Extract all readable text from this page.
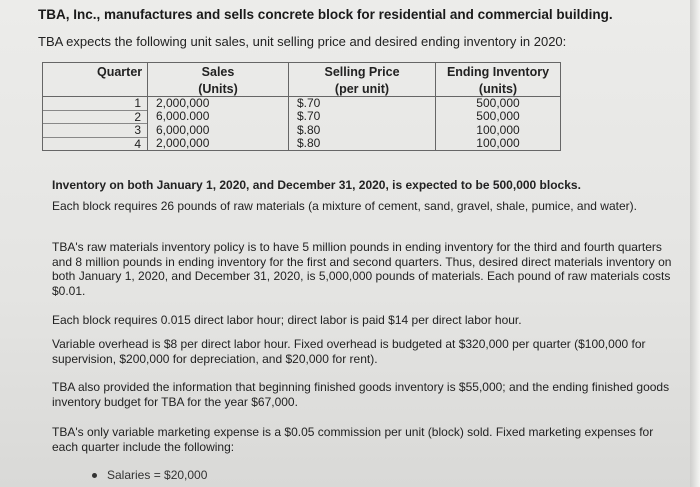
TBA, Inc., manufactures and sells concrete block for residential and commercial building.
TBA expects the following unit sales, unit selling price and desired ending inventory in 2020:
Quarter	Sales	Selling Price	Ending Inventory
	(Units)	(per unit)	(units)
1	2,000,000	$.70	500,000
2	6,000.000	$.70	500,000
3	6,000,000	$.80	100,000
4	2,000,000	$.80	100,000
Inventory on both January 1, 2020, and December 31, 2020, is expected to be 500,000 blocks.
Each block requires 26 pounds of raw materials (a mixture of cement, sand, gravel, shale, pumice, and water).
TBA's raw materials inventory policy is to have 5 million pounds in ending inventory for the third and fourth quarters and 8 million pounds in ending inventory for the first and second quarters. Thus, desired direct materials inventory on both January 1, 2020, and December 31, 2020, is 5,000,000 pounds of materials. Each pound of raw materials costs $0.01.
Each block requires 0.015 direct labor hour; direct labor is paid $14 per direct labor hour.
Variable overhead is $8 per direct labor hour. Fixed overhead is budgeted at $320,000 per quarter ($100,000 for supervision, $200,000 for depreciation, and $20,000 for rent).
TBA also provided the information that beginning finished goods inventory is $55,000; and the ending finished goods inventory budget for TBA for the year $67,000.
TBA's only variable marketing expense is a $0.05 commission per unit (block) sold. Fixed marketing expenses for each quarter include the following:
Salaries = $20,000
